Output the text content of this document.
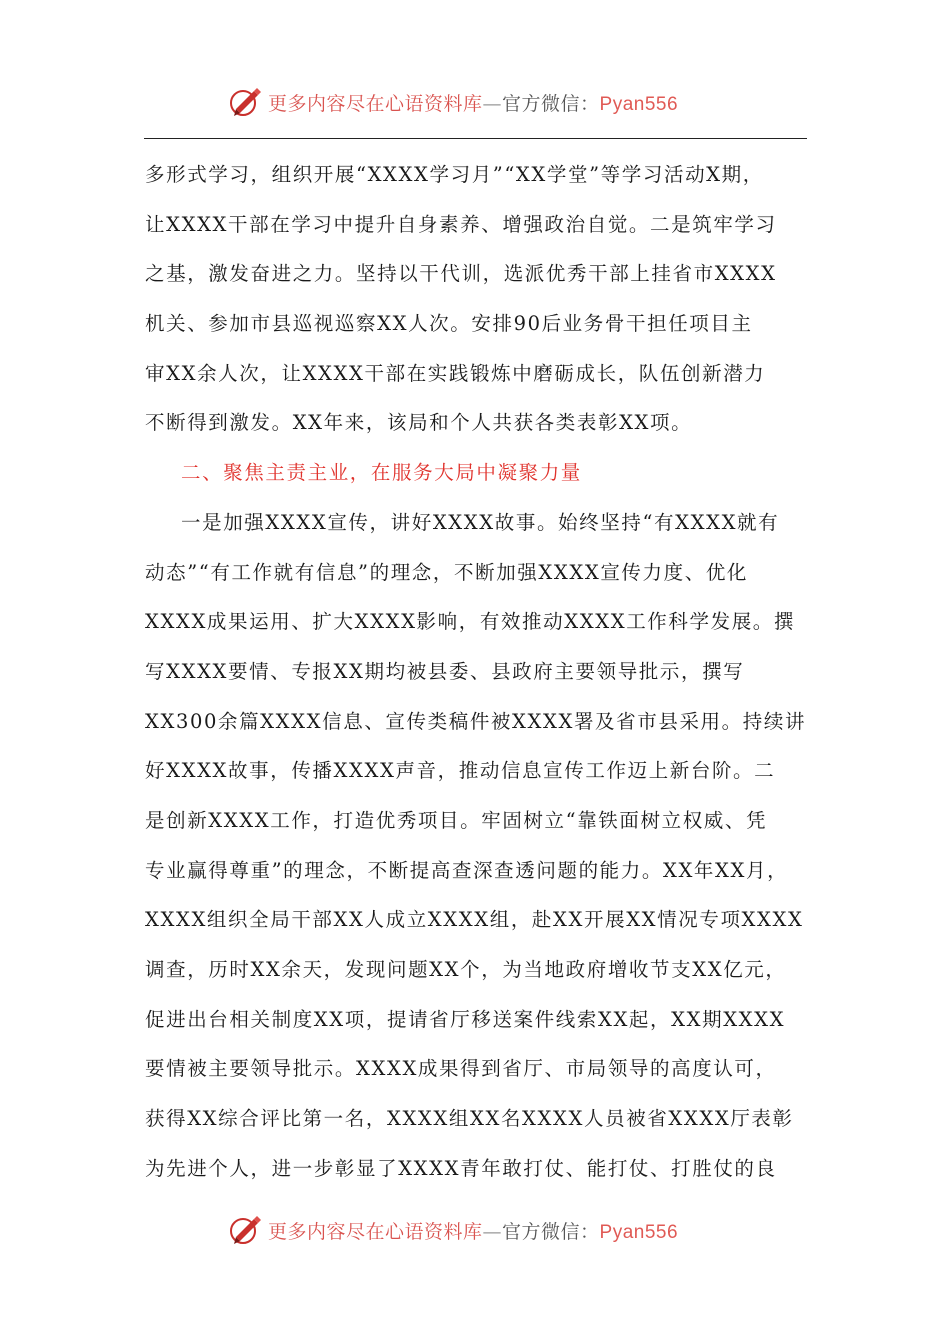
更多内容尽在心语资料库—官方微信：Pyan556
多形式学习，组织开展“XXXX学习月”“XX学堂”等学习活动X期，
让XXXX干部在学习中提升自身素养、增强政治自觉。二是筑牢学习
之基，激发奋进之力。坚持以干代训，选派优秀干部上挂省市XXXX
机关、参加市县巡视巡察XX人次。安排90后业务骨干担任项目主
审XX余人次，让XXXX干部在实践锻炼中磨砺成长，队伍创新潜力
不断得到激发。XX年来，该局和个人共获各类表彰XX项。
二、聚焦主责主业，在服务大局中凝聚力量
一是加强XXXX宣传，讲好XXXX故事。始终坚持“有XXXX就有
动态”“有工作就有信息”的理念，不断加强XXXX宣传力度、优化
XXXX成果运用、扩大XXXX影响，有效推动XXXX工作科学发展。撰
写XXXX要情、专报XX期均被县委、县政府主要领导批示，撰写
XX300余篇XXXX信息、宣传类稿件被XXXX署及省市县采用。持续讲
好XXXX故事，传播XXXX声音，推动信息宣传工作迈上新台阶。二
是创新XXXX工作，打造优秀项目。牢固树立“靠铁面树立权威、凭
专业赢得尊重”的理念，不断提高查深查透问题的能力。XX年XX月，
XXXX组织全局干部XX人成立XXXX组，赴XX开展XX情况专项XXXX
调查，历时XX余天，发现问题XX个，为当地政府增收节支XX亿元，
促进出台相关制度XX项，提请省厅移送案件线索XX起，XX期XXXX
要情被主要领导批示。XXXX成果得到省厅、市局领导的高度认可，
获得XX综合评比第一名，XXXX组XX名XXXX人员被省XXXX厅表彰
为先进个人，进一步彰显了XXXX青年敢打仗、能打仗、打胜仗的良
更多内容尽在心语资料库—官方微信：Pyan556
